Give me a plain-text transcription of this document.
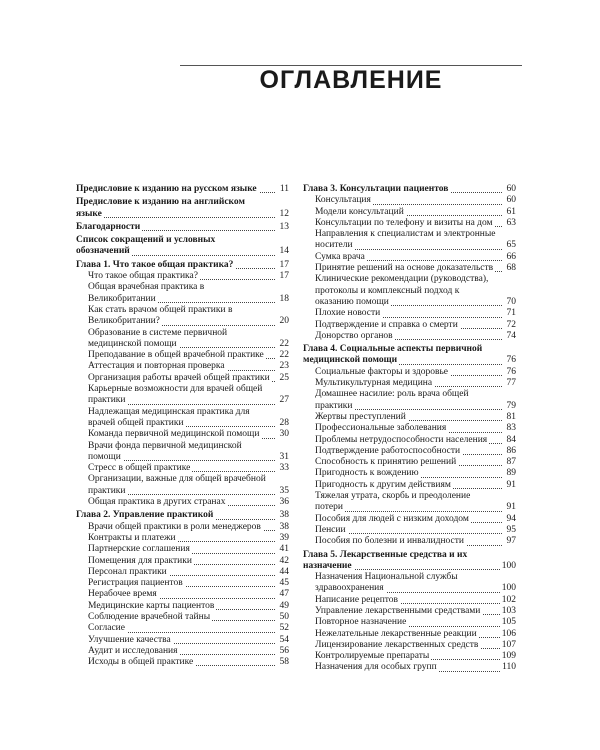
ОГЛАВЛЕНИЕ
Предисловие к изданию на русском языке	11
Предисловие к изданию на английском языке	12
Благодарности	13
Список сокращений и условных обозначений	14
Глава 1. Что такое общая практика?	17
Что такое общая практика?	17
Общая врачебная практика в Великобритании	18
Как стать врачом общей практики в Великобритании?	20
Образование в системе первичной медицинской помощи	22
Преподавание в общей врачебной практике	22
Аттестация и повторная проверка	23
Организация работы врачей общей практики	25
Карьерные возможности для врачей общей практики	27
Надлежащая медицинская практика для врачей общей практики	28
Команда первичной медицинской помощи	30
Врачи фонда первичной медицинской помощи	31
Стресс в общей практике	33
Организации, важные для общей врачебной практики	35
Общая практика в других странах	36
Глава 2. Управление практикой	38
Врачи общей практики в роли менеджеров	38
Контракты и платежи	39
Партнерские соглашения	41
Помещения для практики	42
Персонал практики	44
Регистрация пациентов	45
Нерабочее время	47
Медицинские карты пациентов	49
Соблюдение врачебной тайны	50
Согласие	52
Улучшение качества	54
Аудит и исследования	56
Исходы в общей практике	58
Глава 3. Консультации пациентов	60
Консультация	60
Модели консультаций	61
Консультации по телефону и визиты на дом	63
Направления к специалистам и электронные носители	65
Сумка врача	66
Принятие решений на основе доказательств	68
Клинические рекомендации (руководства), протоколы и комплексный подход к оказанию помощи	70
Плохие новости	71
Подтверждение и справка о смерти	72
Донорство органов	74
Глава 4. Социальные аспекты первичной медицинской помощи	76
Социальные факторы и здоровье	76
Мультикультурная медицина	77
Домашнее насилие: роль врача общей практики	79
Жертвы преступлений	81
Профессиональные заболевания	83
Проблемы нетрудоспособности населения	84
Подтверждение работоспособности	86
Способность к принятию решений	87
Пригодность к вождению	89
Пригодность к другим действиям	91
Тяжелая утрата, скорбь и преодоление потери	91
Пособия для людей с низким доходом	94
Пенсии	95
Пособия по болезни и инвалидности	97
Глава 5. Лекарственные средства и их назначение	100
Назначения Национальной службы здравоохранения	100
Написание рецептов	102
Управление лекарственными средствами	103
Повторное назначение	105
Нежелательные лекарственные реакции	106
Лицензирование лекарственных средств	107
Контролируемые препараты	109
Назначения для особых групп	110
